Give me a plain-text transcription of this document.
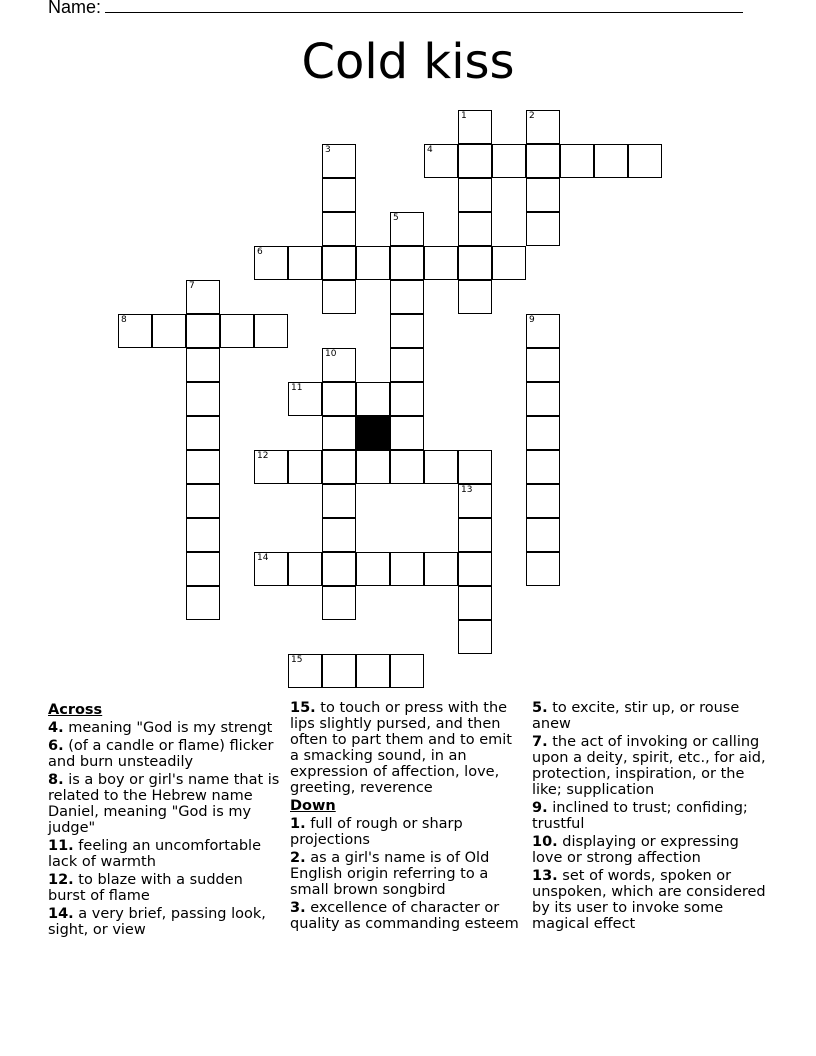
Name:
Cold kiss
1	2
3	4
5
6
7
8	9
10
11
12
13
14
15
Across
4. meaning "God is my strengt
6. (of a candle or flame) flicker and burn unsteadily
8. is a boy or girl's name that is related to the Hebrew name Daniel, meaning "God is my judge"
11. feeling an uncomfortable lack of warmth
12. to blaze with a sudden burst of flame
14. a very brief, passing look, sight, or view
15. to touch or press with the lips slightly pursed, and then often to part them and to emit a smacking sound, in an expression of affection, love, greeting, reverence
Down
1. full of rough or sharp projections
2. as a girl's name is of Old English origin referring to a small brown songbird
3. excellence of character or quality as commanding esteem
5. to excite, stir up, or rouse anew
7. the act of invoking or calling upon a deity, spirit, etc., for aid, protection, inspiration, or the like; supplication
9. inclined to trust; confiding; trustful
10. displaying or expressing love or strong affection
13. set of words, spoken or unspoken, which are considered by its user to invoke some magical effect
